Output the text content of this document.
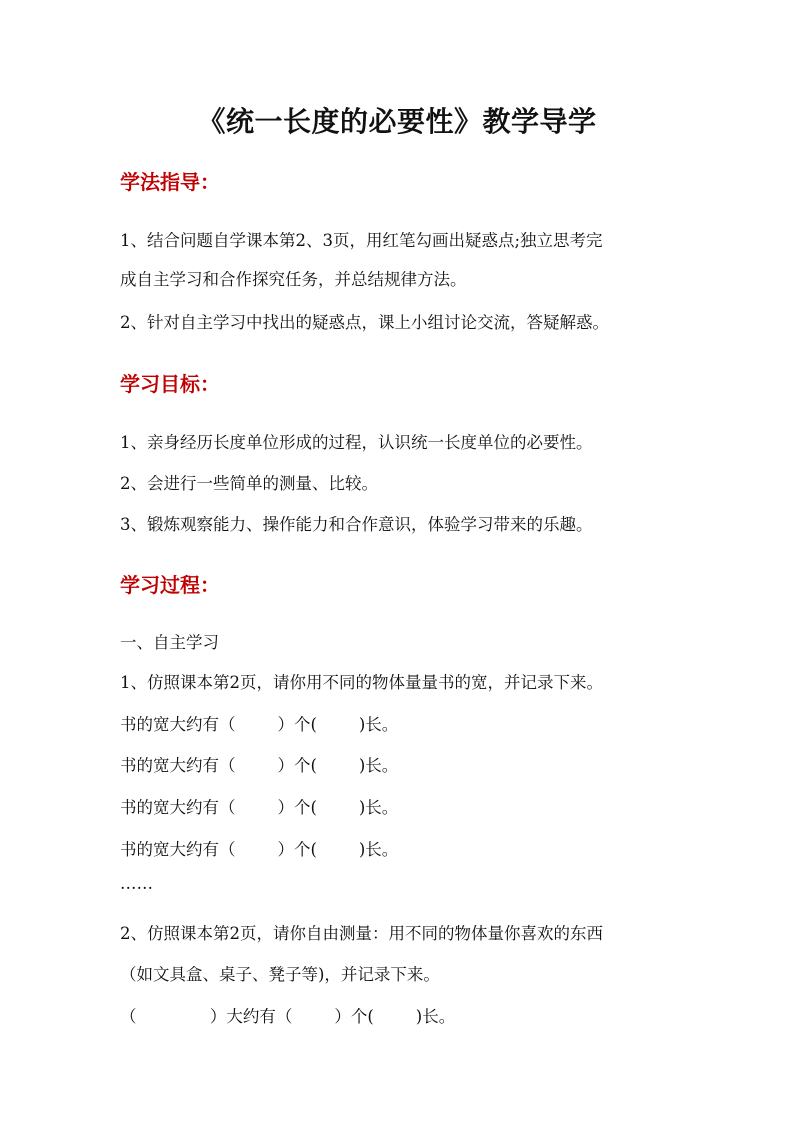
《统一长度的必要性》教学导学
学法指导：
1、结合问题自学课本第2、3页，用红笔勾画出疑惑点;独立思考完
成自主学习和合作探究任务，并总结规律方法。
2、针对自主学习中找出的疑惑点，课上小组讨论交流，答疑解惑。
学习目标：
1、亲身经历长度单位形成的过程，认识统一长度单位的必要性。
2、会进行一些简单的测量、比较。
3、锻炼观察能力、操作能力和合作意识，体验学习带来的乐趣。
学习过程：
一、自主学习
1、仿照课本第2页，请你用不同的物体量量书的宽，并记录下来。
书的宽大约有（        ）个(        )长。
书的宽大约有（        ）个(        )长。
书的宽大约有（        ）个(        )长。
书的宽大约有（        ）个(        )长。
……
2、仿照课本第2页，请你自由测量：用不同的物体量你喜欢的东西
（如文具盒、桌子、凳子等)，并记录下来。
（              ）大约有（        ）个(        )长。
